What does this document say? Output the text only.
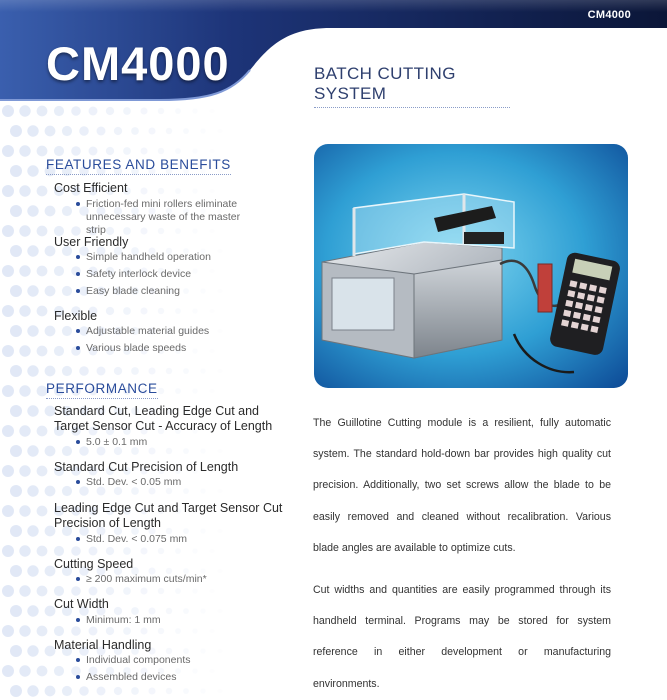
CM4000
CM4000	BATCH CUTTING SYSTEM
FEATURES AND BENEFITS
Cost Efficient
Friction-fed mini rollers eliminate unnecessary waste of the master strip
User Friendly
Simple handheld operation
Safety interlock device
Easy blade cleaning
Flexible
Adjustable material guides
Various blade speeds
PERFORMANCE
Standard Cut, Leading Edge Cut and Target Sensor Cut - Accuracy of Length
5.0 ± 0.1 mm
Standard Cut Precision of Length
Std. Dev. < 0.05 mm
Leading Edge Cut and Target Sensor Cut Precision of Length
Std. Dev. < 0.075 mm
Cutting Speed
≥ 200 maximum cuts/min*
Cut Width
Minimum: 1 mm
Material Handling
Individual components
Assembled devices

The Guillotine Cutting module is a resilient, fully automatic system. The standard hold-down bar provides high quality cut precision. Additionally, two set screws allow the blade to be easily removed and cleaned without recalibration. Various blade angles are available to optimize cuts.

Cut widths and quantities are easily programmed through its handheld terminal. Programs may be stored for system reference in either development or manufacturing environments.
